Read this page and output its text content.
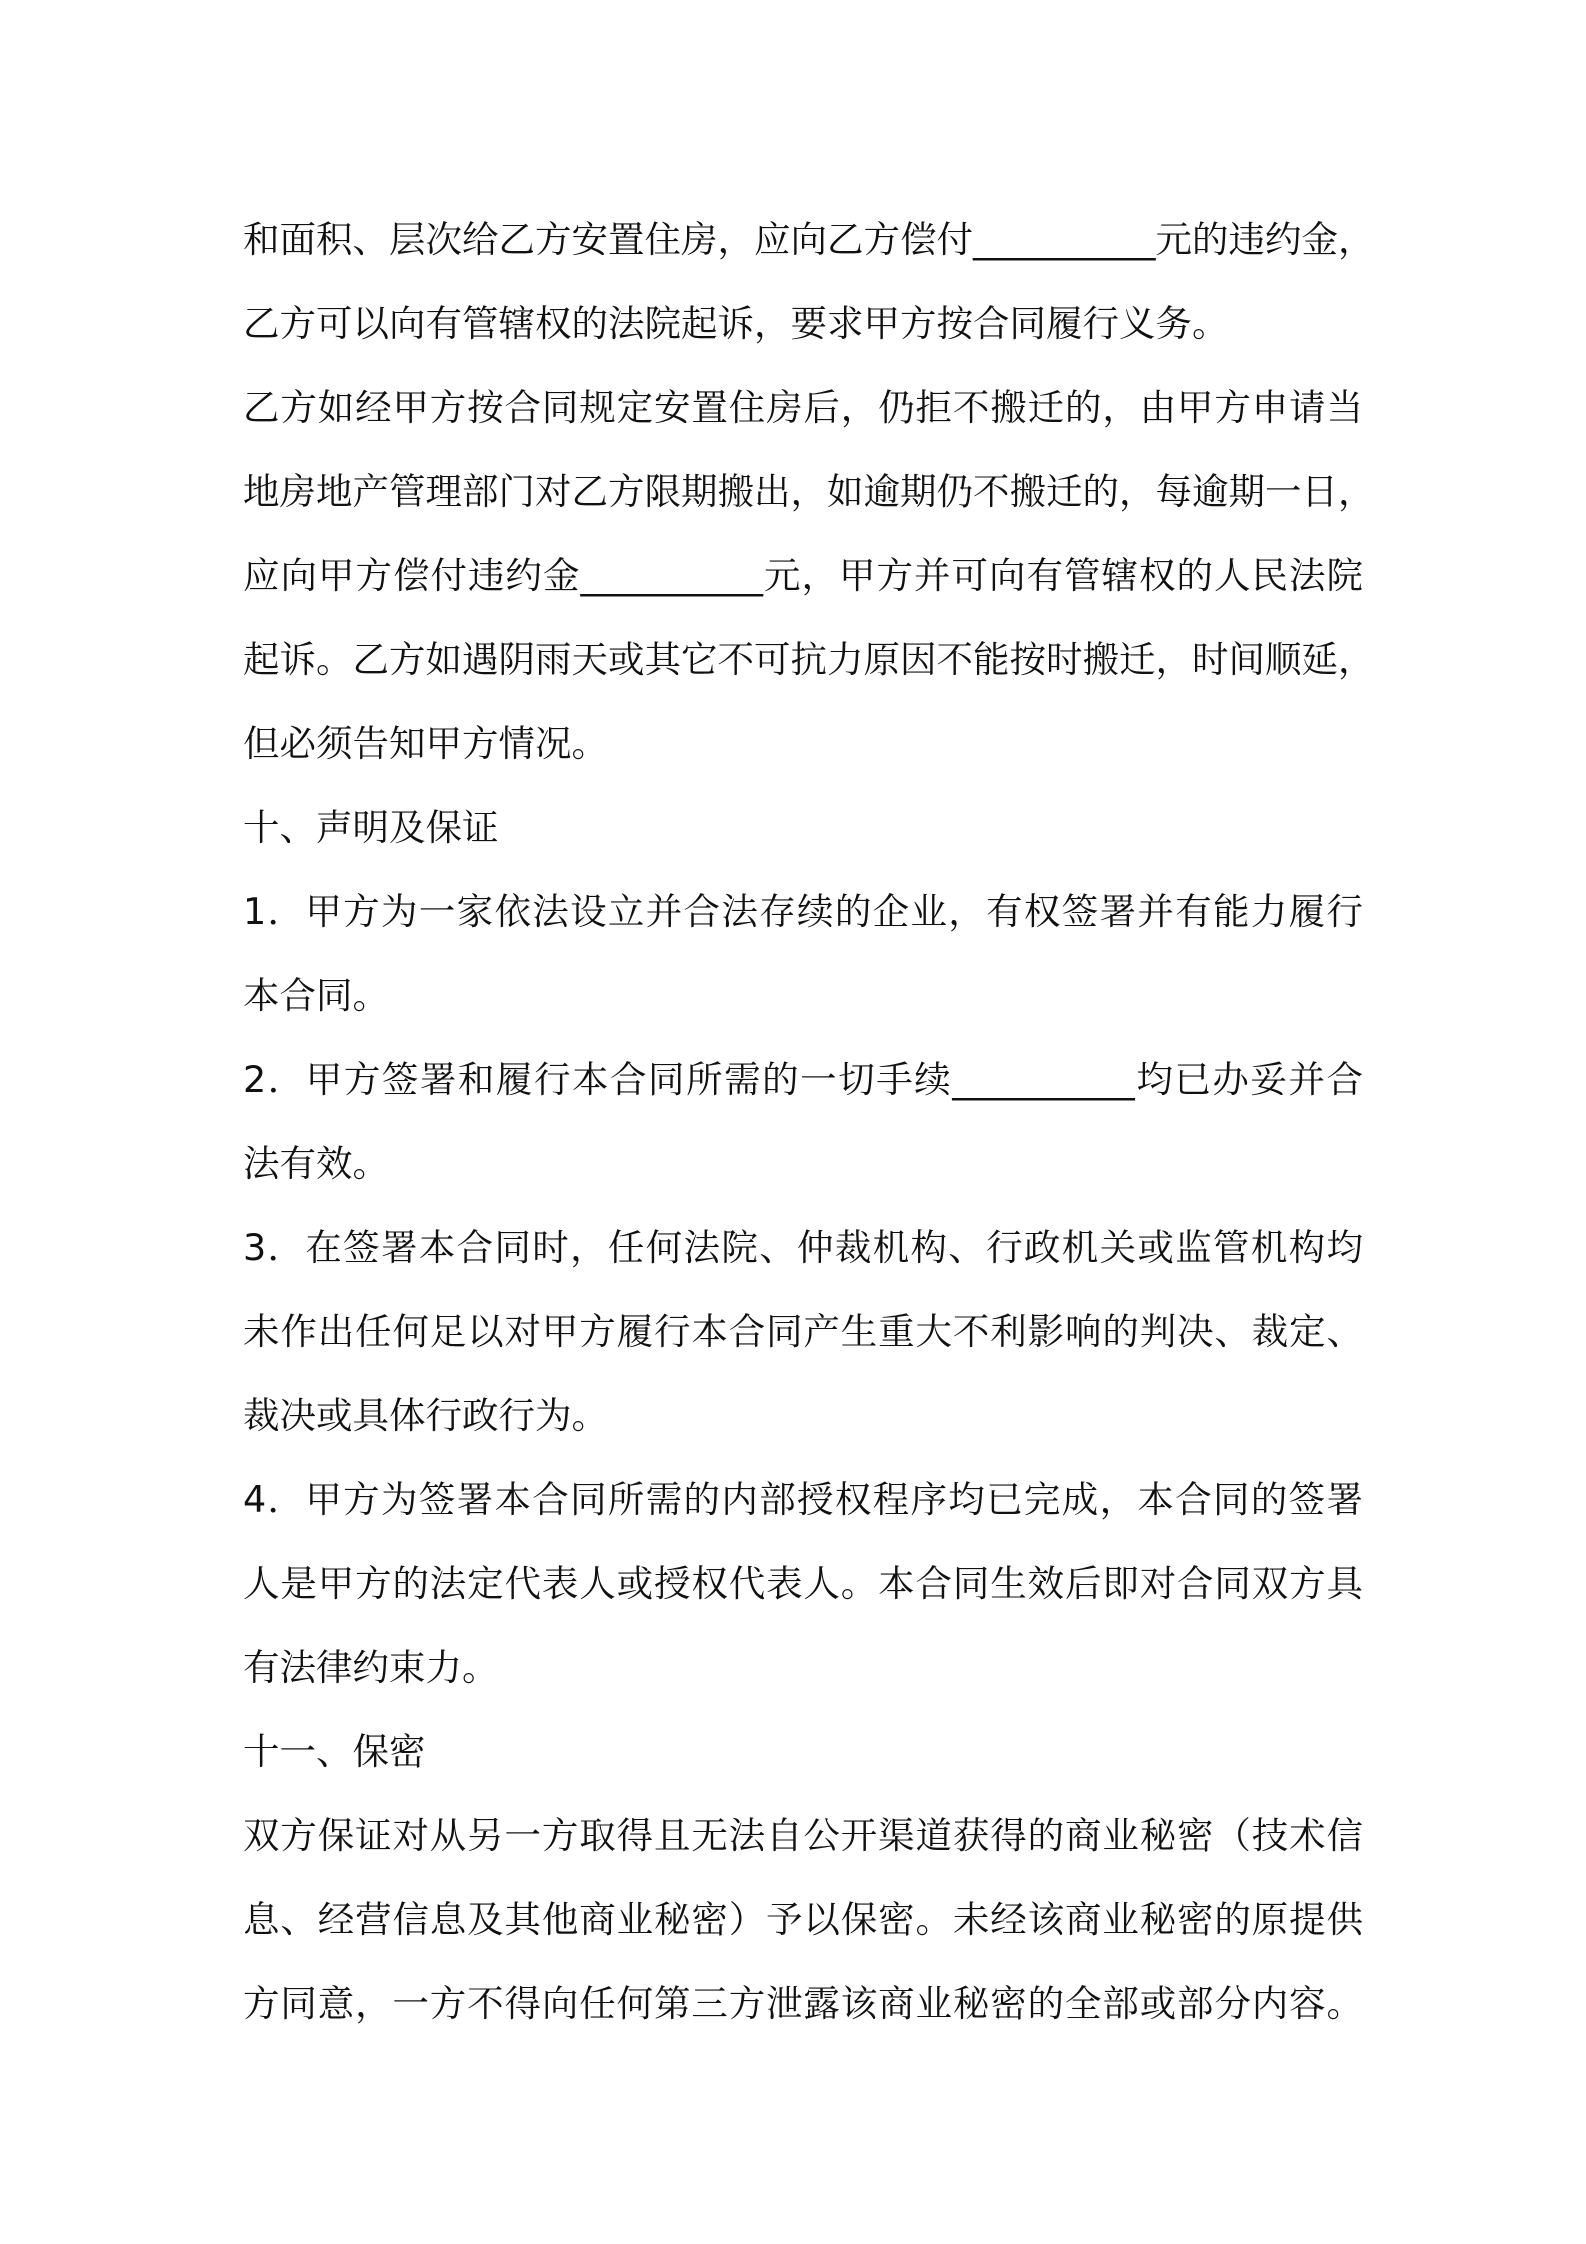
和面积、层次给乙方安置住房，应向乙方偿付__________元的违约金，
乙方可以向有管辖权的法院起诉，要求甲方按合同履行义务。
乙方如经甲方按合同规定安置住房后，仍拒不搬迁的，由甲方申请当
地房地产管理部门对乙方限期搬出，如逾期仍不搬迁的，每逾期一日，
应向甲方偿付违约金__________元，甲方并可向有管辖权的人民法院
起诉。乙方如遇阴雨天或其它不可抗力原因不能按时搬迁，时间顺延，
但必须告知甲方情况。
十、声明及保证
1．甲方为一家依法设立并合法存续的企业，有权签署并有能力履行
本合同。
2．甲方签署和履行本合同所需的一切手续__________均已办妥并合
法有效。
3．在签署本合同时，任何法院、仲裁机构、行政机关或监管机构均
未作出任何足以对甲方履行本合同产生重大不利影响的判决、裁定、
裁决或具体行政行为。
4．甲方为签署本合同所需的内部授权程序均已完成，本合同的签署
人是甲方的法定代表人或授权代表人。本合同生效后即对合同双方具
有法律约束力。
十一、保密
双方保证对从另一方取得且无法自公开渠道获得的商业秘密（技术信
息、经营信息及其他商业秘密）予以保密。未经该商业秘密的原提供
方同意，一方不得向任何第三方泄露该商业秘密的全部或部分内容。
